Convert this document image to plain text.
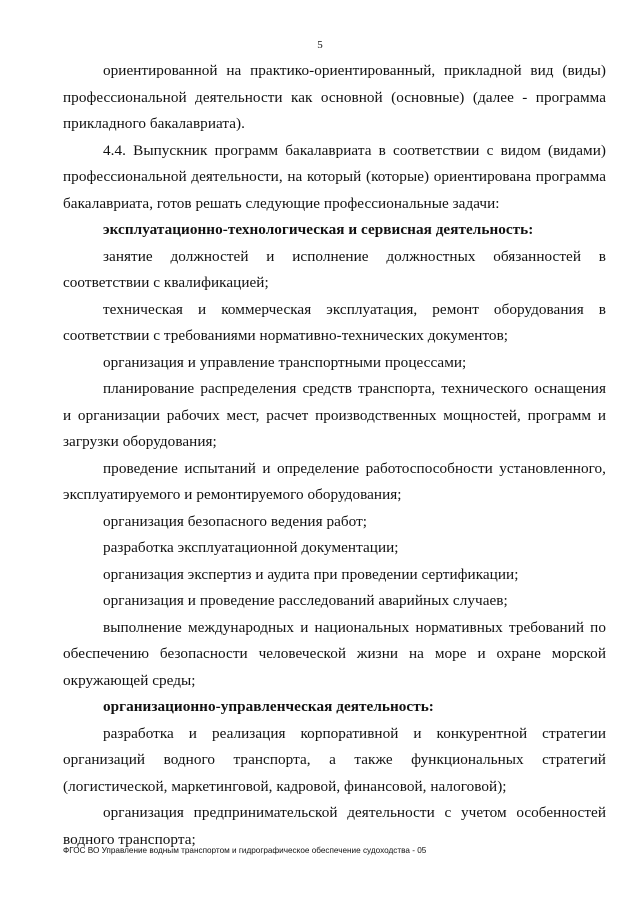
5

ориентированной на практико-ориентированный, прикладной вид (виды) профессиональной деятельности как основной (основные) (далее - программа прикладного бакалавриата).

4.4. Выпускник программ бакалавриата в соответствии с видом (видами) профессиональной деятельности, на который (которые) ориентирована программа бакалавриата, готов решать следующие профессиональные задачи:

эксплуатационно-технологическая и сервисная деятельность:

занятие должностей и исполнение должностных обязанностей в соответствии с квалификацией;

техническая и коммерческая эксплуатация, ремонт оборудования в соответствии с требованиями нормативно-технических документов;

организация и управление транспортными процессами;

планирование распределения средств транспорта, технического оснащения и организации рабочих мест, расчет производственных мощностей, программ и загрузки оборудования;

проведение испытаний и определение работоспособности установленного, эксплуатируемого и ремонтируемого оборудования;

организация безопасного ведения работ;

разработка эксплуатационной документации;

организация экспертиз и аудита при проведении сертификации;

организация и проведение расследований аварийных случаев;

выполнение международных и национальных нормативных требований по обеспечению безопасности человеческой жизни на море и охране морской окружающей среды;

организационно-управленческая деятельность:

разработка и реализация корпоративной и конкурентной стратегии организаций водного транспорта, а также функциональных стратегий (логистической, маркетинговой, кадровой, финансовой, налоговой);

организация предпринимательской деятельности с учетом особенностей водного транспорта;

ФГОС ВО Управление водным транспортом и гидрографическое обеспечение судоходства - 05
